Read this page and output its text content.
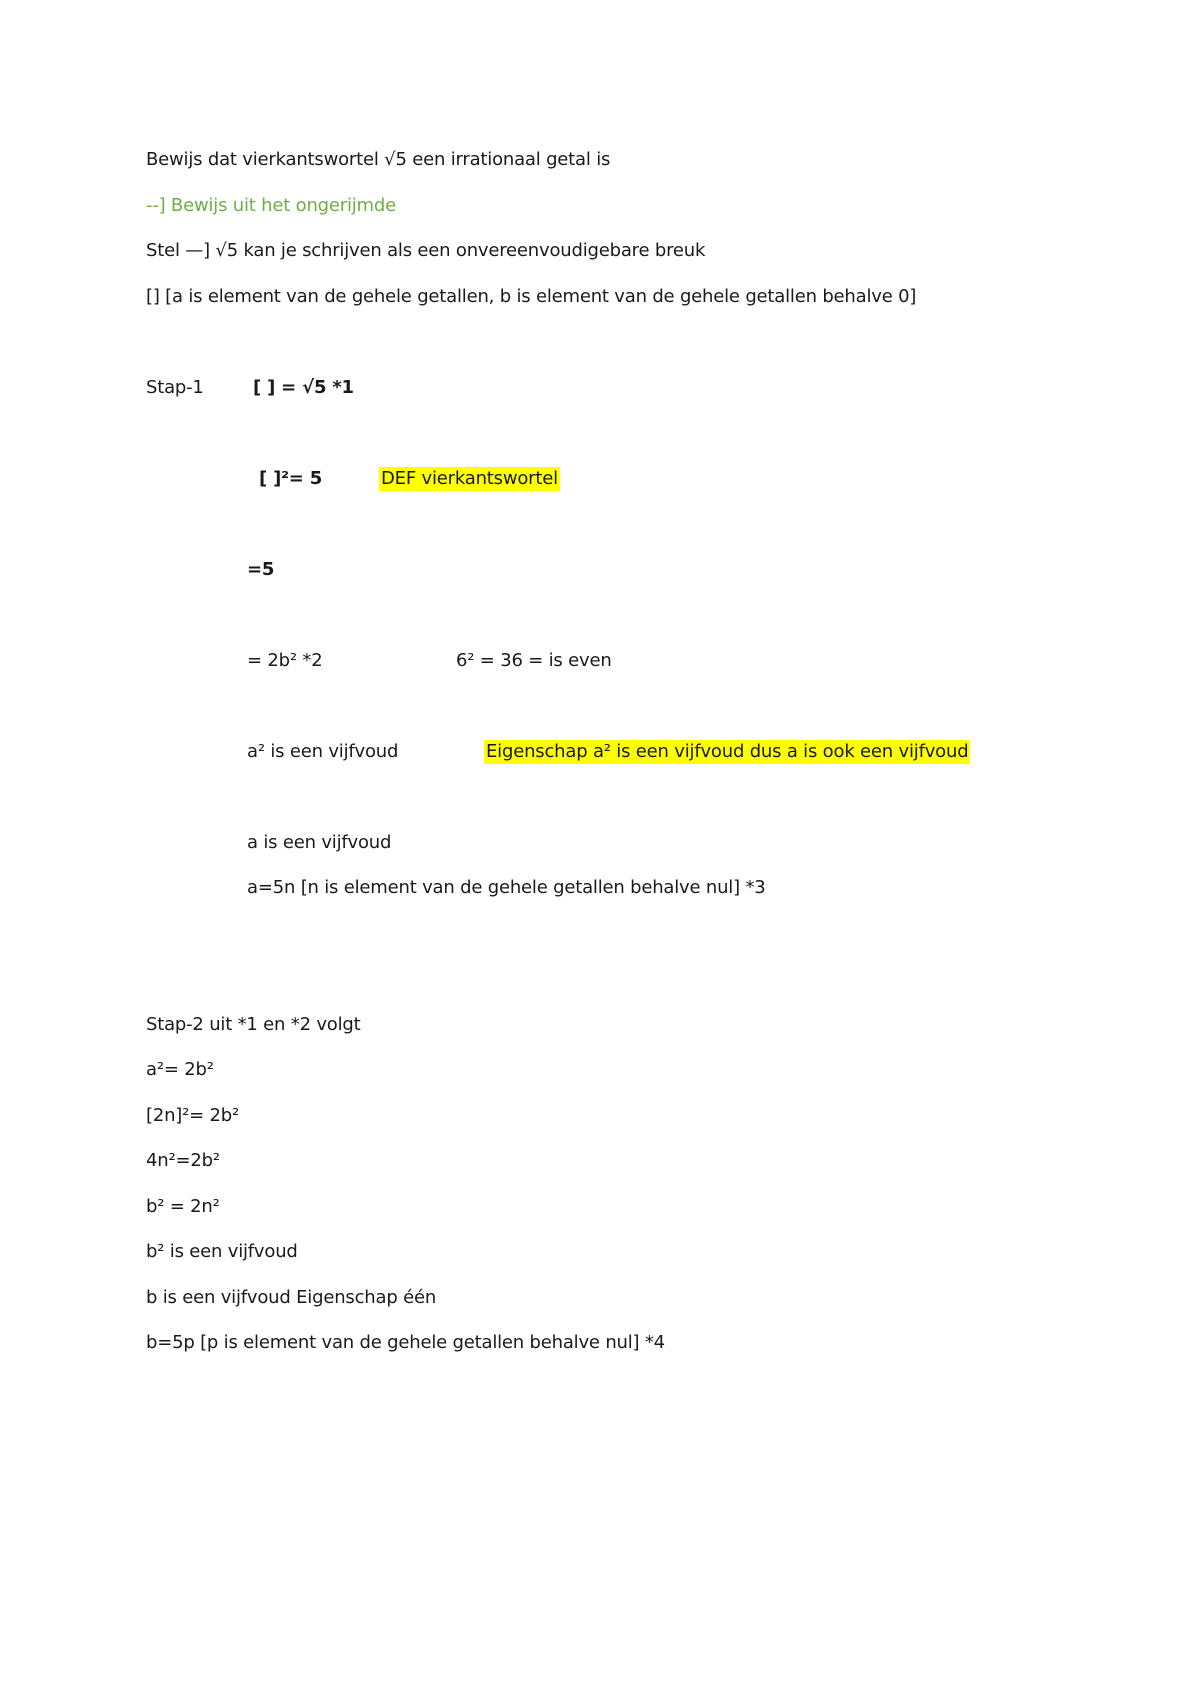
Bewijs dat vierkantswortel √5 een irrationaal getal is
--] Bewijs uit het ongerijmde
Stel —] √5 kan je schrijven als een onvereenvoudigebare breuk
[] [a is element van de gehele getallen, b is element van de gehele getallen behalve 0]
Stap-1	[ ] = √5 *1
[ ]²= 5	DEF vierkantswortel
=5
= 2b² *2	6² = 36 = is even
a² is een vijfvoud	Eigenschap a² is een vijfvoud dus a is ook een vijfvoud
a is een vijfvoud
a=5n [n is element van de gehele getallen behalve nul] *3
Stap-2 uit *1 en *2 volgt
a²= 2b²
[2n]²= 2b²
4n²=2b²
b² = 2n²
b² is een vijfvoud
b is een vijfvoud Eigenschap één
b=5p [p is element van de gehele getallen behalve nul] *4
